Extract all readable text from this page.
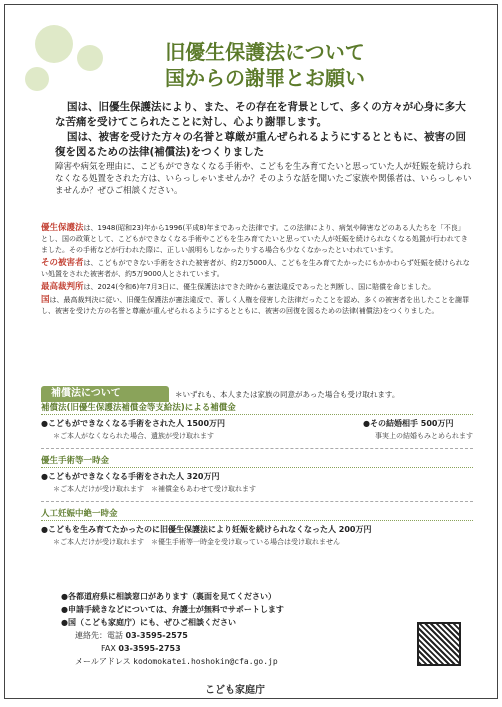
旧優生保護法について
国からの謝罪とお願い

国は、旧優生保護法により、また、その存在を背景として、多くの方々が心身に多大な苦痛を受けてこられたことに対し、心より謝罪します。

国は、被害を受けた方々の名誉と尊厳が重んぜられるようにするとともに、被害の回復を図るための法律(補償法)をつくりました

障害や病気を理由に、こどもができなくなる手術や、こどもを生み育てたいと思っていた人が妊娠を続けられなくなる処置をされた方は、いらっしゃいませんか？そのような話を聞いたご家族や関係者は、いらっしゃいませんか？ぜひご相談ください。

優生保護法は、1948(昭和23)年から1996(平成8)年まであった法律です。この法律により、病気や障害などのある人たちを「不良」とし、国の政策として、こどもができなくなる手術やこどもを生み育てたいと思っていた人が妊娠を続けられなくなる処置が行われてきました。その手術などが行われた際に、正しい説明もしなかったりする場合も少なくなかったといわれています。

その被害者は、こどもができない手術をされた被害者が、約2万5000人、こどもを生み育てたかったにもかかわらず妊娠を続けられない処置をされた被害者が、約5万9000人とされています。

最高裁判所は、2024(令和6)年7月3日に、優生保護法はできた時から憲法違反であったと判断し、国に賠償を命じました。

国は、最高裁判決に従い、旧優生保護法が憲法違反で、著しく人権を侵害した法律だったことを認め、多くの被害者を出したことを謝罪し、被害を受けた方の名誉と尊厳が重んぜられるようにするとともに、被害の回復を図るための法律(補償法)をつくりました。

補償法について	＊いずれも、本人または家族の同意があった場合も受け取れます。
補償法(旧優生保護法補償金等支給法)による補償金
●こどもができなくなる手術をされた人 1500万円
＊ご本人がなくなられた場合、遺族が受け取れます
●その結婚相手 500万円
事実上の結婚もみとめられます
優生手術等一時金
●こどもができなくなる手術をされた人 320万円
＊ご本人だけが受け取れます　＊補償金もあわせて受け取れます
人工妊娠中絶一時金
●こどもを生み育てたかったのに旧優生保護法により妊娠を続けられなくなった人 200万円
＊ご本人だけが受け取れます　＊優生手術等一時金を受け取っている場合は受け取れません
●各都道府県に相談窓口があります（裏面を見てください）
●申請手続きなどについては、弁護士が無料でサポートします
●国（こども家庭庁）にも、ぜひご相談ください
連絡先：電話 03-3595-2575
FAX 03-3595-2753
メールアドレス kodomokatei.hoshokin@cfa.go.jp
こども家庭庁
